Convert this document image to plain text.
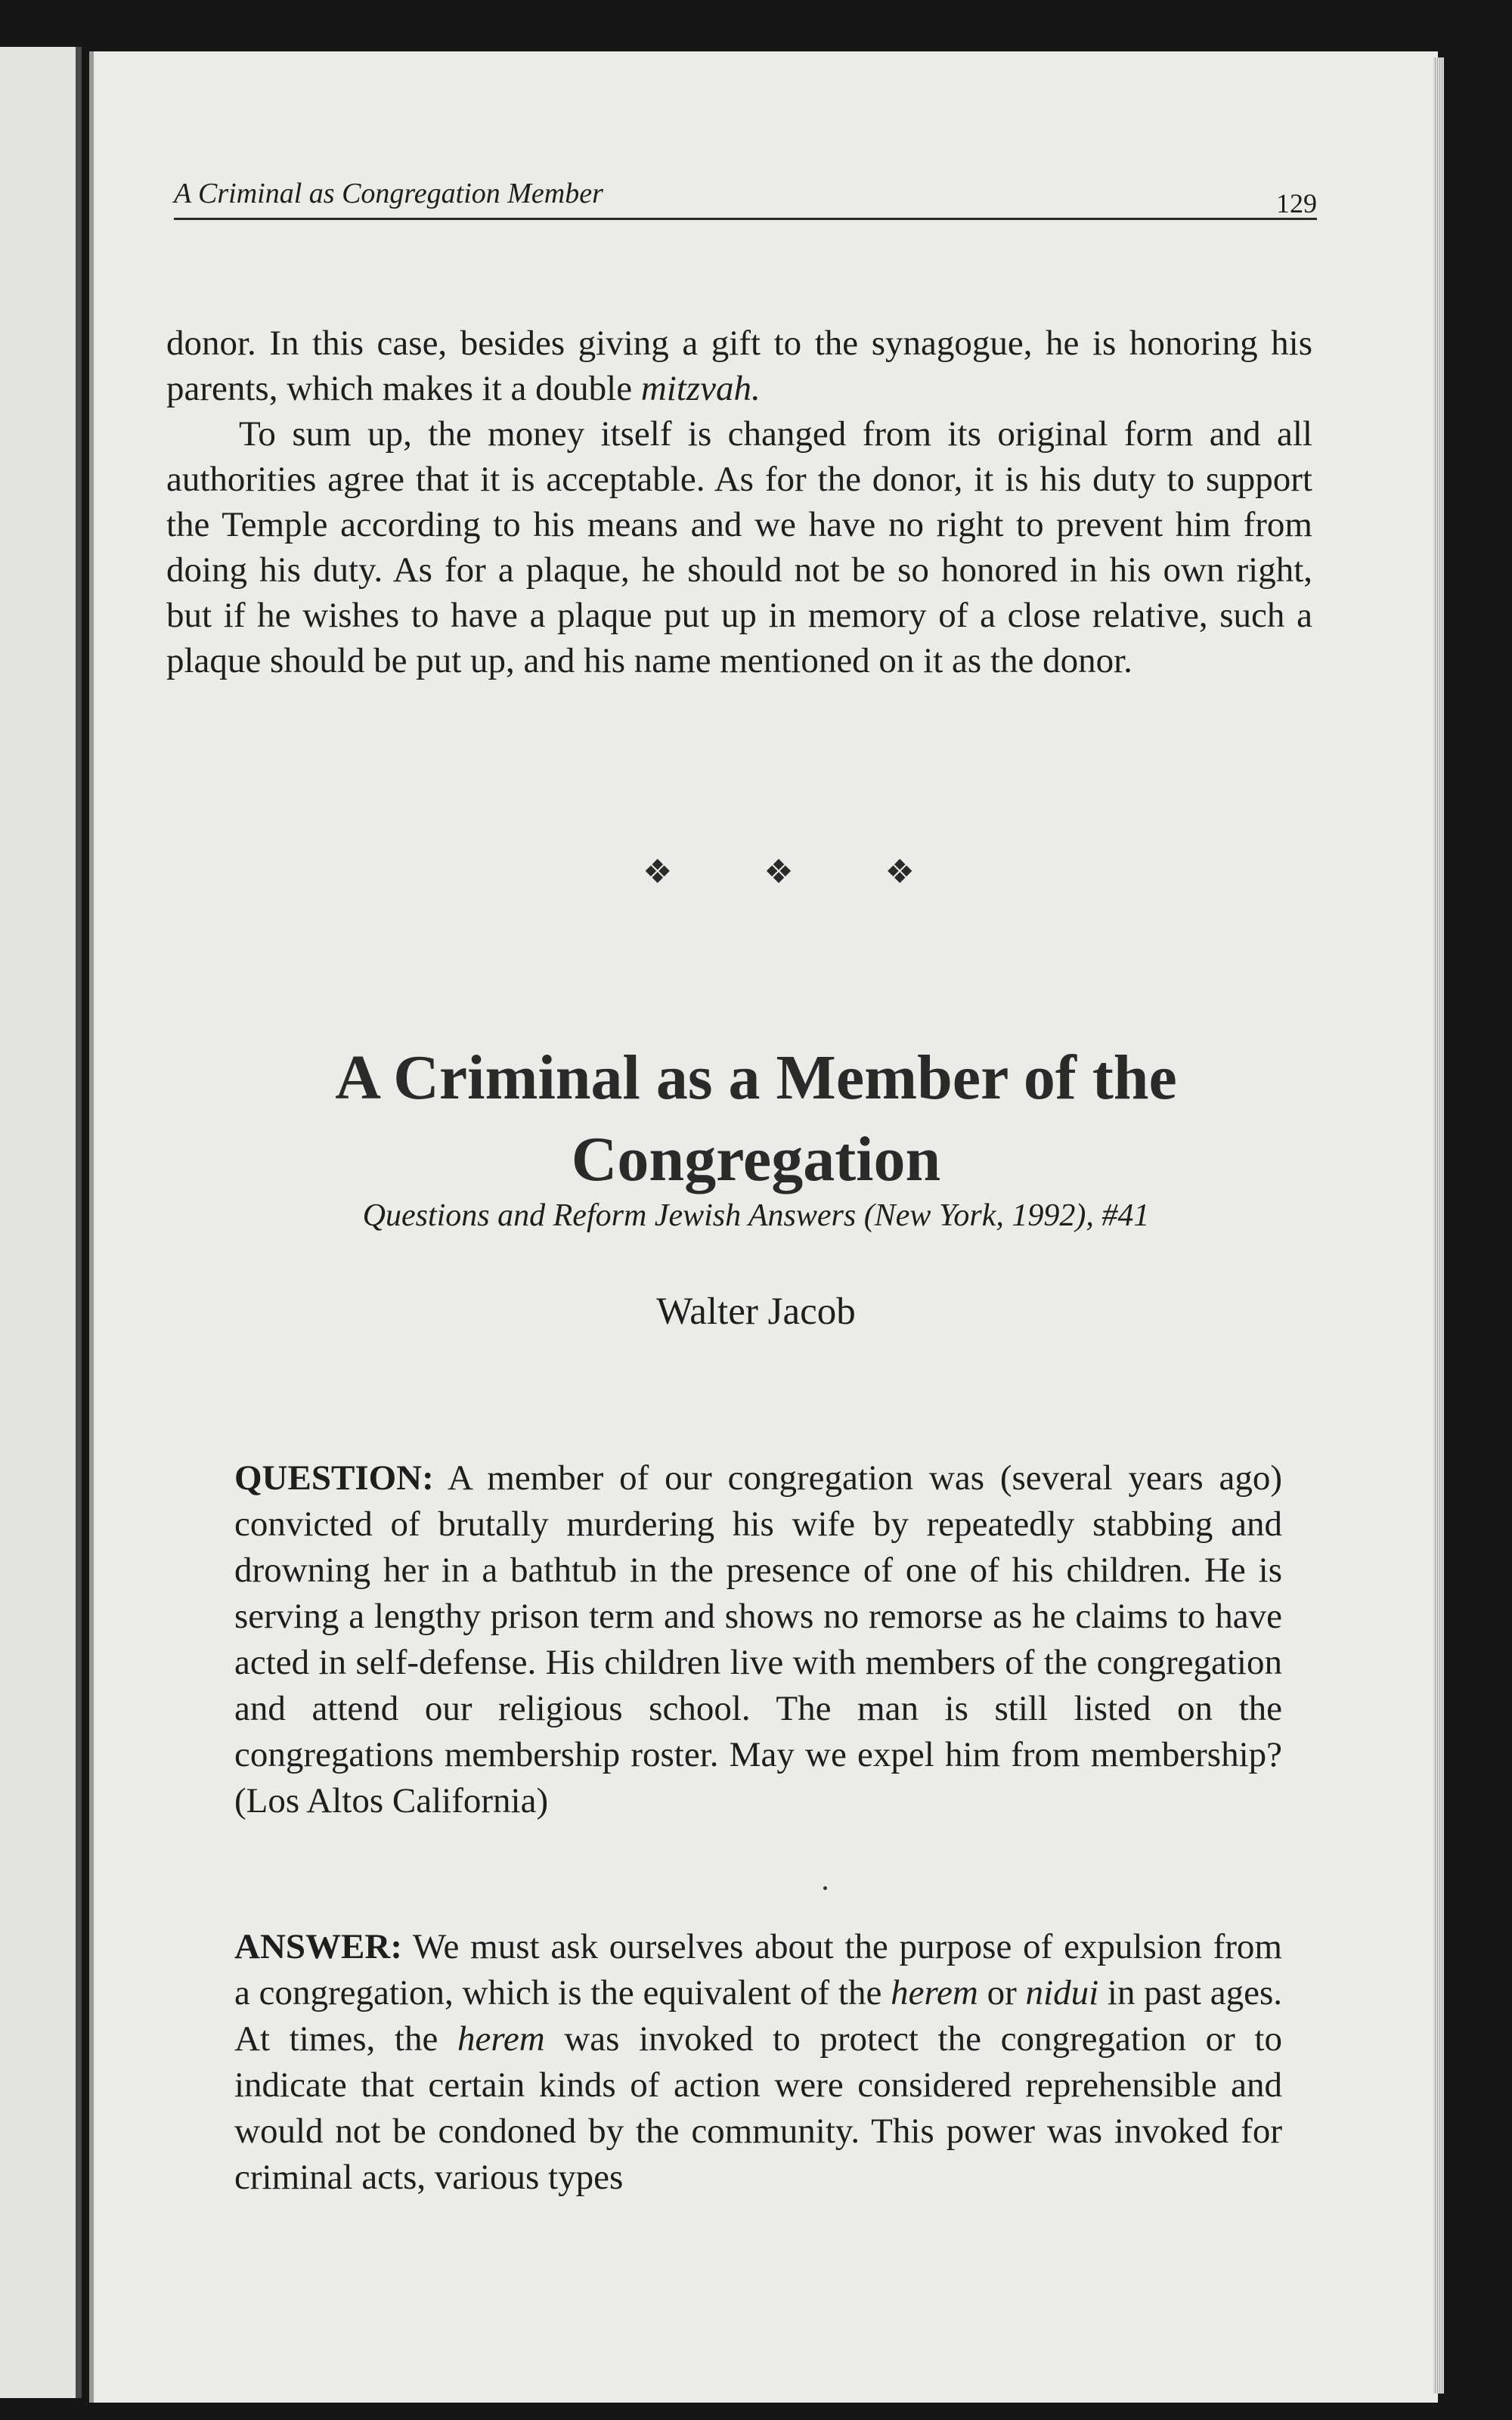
A Criminal as Congregation Member	129

donor. In this case, besides giving a gift to the synagogue, he is honoring his parents, which makes it a double mitzvah.

To sum up, the money itself is changed from its original form and all authorities agree that it is acceptable. As for the donor, it is his duty to support the Temple according to his means and we have no right to prevent him from doing his duty. As for a plaque, he should not be so honored in his own right, but if he wishes to have a plaque put up in memory of a close relative, such a plaque should be put up, and his name mentioned on it as the donor.

❖	❖	❖
A Criminal as a Member of the
Congregation
Questions and Reform Jewish Answers (New York, 1992), #41
Walter Jacob

QUESTION: A member of our congregation was (several years ago) convicted of brutally murdering his wife by repeatedly stabbing and drowning her in a bathtub in the presence of one of his children. He is serving a lengthy prison term and shows no remorse as he claims to have acted in self-defense. His children live with members of the congregation and attend our religious school. The man is still listed on the congregations membership roster. May we expel him from membership? (Los Altos California)

ANSWER: We must ask ourselves about the purpose of expulsion from a congregation, which is the equivalent of the herem or nidui in past ages. At times, the herem was invoked to protect the congregation or to indicate that certain kinds of action were considered reprehensible and would not be condoned by the community. This power was invoked for criminal acts, various types
